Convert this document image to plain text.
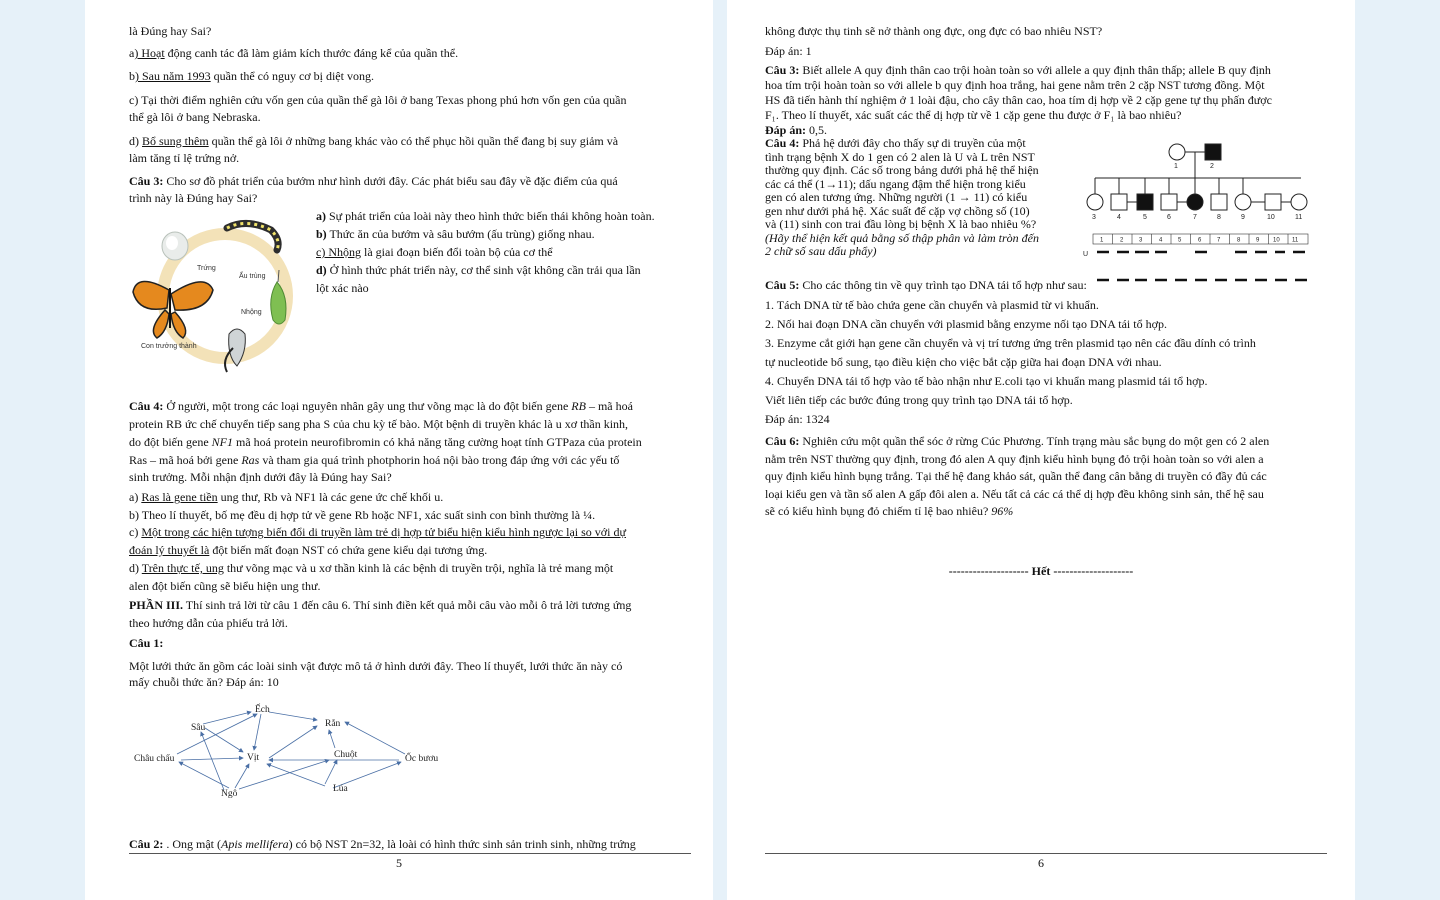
là Đúng hay Sai?

a) Hoạt động canh tác đã làm giảm kích thước đáng kể của quần thể.

b) Sau năm 1993 quần thể có nguy cơ bị diệt vong.

c) Tại thời điểm nghiên cứu vốn gen của quần thể gà lôi ở bang Texas phong phú hơn vốn gen của quần

thể gà lôi ở bang Nebraska.

d) Bổ sung thêm quần thể gà lôi ở những bang khác vào có thể phục hồi quần thể đang bị suy giảm và

làm tăng tỉ lệ trứng nở.

Câu 3: Cho sơ đồ phát triển của bướm như hình dưới đây. Các phát biểu sau đây về đặc điểm của quá

trình này là Đúng hay Sai?

Trứng
Ấu trùng
Nhộng
Con trưởng thành

a) Sự phát triển của loài này theo hình thức biến thái không hoàn toàn.

b) Thức ăn của bướm và sâu bướm (ấu trùng) giống nhau.

c) Nhộng là giai đoạn biến đổi toàn bộ của cơ thể

d) Ở hình thức phát triển này, cơ thể sinh vật không cần trải qua lần

lột xác nào

Câu 4: Ở người, một trong các loại nguyên nhân gây ung thư võng mạc là do đột biến gene RB – mã hoá

protein RB ức chế chuyển tiếp sang pha S của chu kỳ tế bào. Một bệnh di truyền khác là u xơ thần kinh,

do đột biến gene NF1 mã hoá protein neurofibromin có khả năng tăng cường hoạt tính GTPaza của protein

Ras – mã hoá bởi gene Ras và tham gia quá trình photphorin hoá nội bào trong đáp ứng với các yếu tố

sinh trưởng. Mỗi nhận định dưới đây là Đúng hay Sai?

a) Ras là gene tiền ung thư, Rb và NF1 là các gene ức chế khối u.

b) Theo lí thuyết, bố mẹ đều dị hợp tử về gene Rb hoặc NF1, xác suất sinh con bình thường là ¼.

c) Một trong các hiện tượng biến đổi di truyền làm trẻ dị hợp tử biểu hiện kiểu hình ngược lại so với dự

đoán lý thuyết là đột biến mất đoạn NST có chứa gene kiểu dại tương ứng.

d) Trên thực tế, ung thư võng mạc và u xơ thần kinh là các bệnh di truyền trội, nghĩa là trẻ mang một

alen đột biến cũng sẽ biểu hiện ung thư.

PHẦN III. Thí sinh trả lời từ câu 1 đến câu 6. Thí sinh điền kết quả mỗi câu vào mỗi ô trả lời tương ứng

theo hướng dẫn của phiếu trả lời.

Câu 1:

Một lưới thức ăn gồm các loài sinh vật được mô tả ở hình dưới đây. Theo lí thuyết, lưới thức ăn này có

mấy chuỗi thức ăn? Đáp án: 10

Ếch
Sâu	Rắn
Châu chấu	Vịt	Chuột	Ốc bươu
Ngô	Lúa

Câu 2: . Ong mật (Apis mellifera) có bộ NST 2n=32, là loài có hình thức sinh sản trinh sinh, những trứng

5

không được thụ tinh sẽ nở thành ong đực, ong đực có bao nhiêu NST?

Đáp án: 1

Câu 3: Biết allele A quy định thân cao trội hoàn toàn so với allele a quy định thân thấp; allele B quy định

hoa tím trội hoàn toàn so với allele b quy định hoa trắng, hai gene nằm trên 2 cặp NST tương đồng. Một

HS đã tiến hành thí nghiệm ở 1 loài đậu, cho cây thân cao, hoa tím dị hợp về 2 cặp gene tự thụ phấn được

F₁. Theo lí thuyết, xác suất các thể dị hợp từ về 1 cặp gene thu được ở F₁ là bao nhiêu?

Đáp án: 0,5.

Câu 4: Phả hệ dưới đây cho thấy sự di truyền của một

tình trạng bệnh X do 1 gen có 2 alen là U và L trên NST

thường quy định. Các số trong bảng dưới phả hệ thể hiện

các cá thể (1→11); dấu ngang đậm thể hiện trong kiểu

gen có alen tương ứng. Những người (1 → 11) có kiểu

gen như dưới phả hệ. Xác suất để cặp vợ chồng số (10)

và (11) sinh con trai đầu lòng bị bệnh X là bao nhiêu %?

(Hãy thể hiện kết quả bằng số thập phân và làm tròn đến

2 chữ số sau dấu phẩy)

1	2
3	4	5	6	7	8	9	10	11
1	2	3	4	5	6	7	8	9 10 11
U

Câu 5: Cho các thông tin về quy trình tạo DNA tái tổ hợp như sau:

1. Tách DNA từ tế bào chứa gene cần chuyển và plasmid từ vi khuẩn.

2. Nối hai đoạn DNA cần chuyển với plasmid bằng enzyme nối tạo DNA tái tổ hợp.

3. Enzyme cắt giới hạn gene cần chuyển và vị trí tương ứng trên plasmid tạo nên các đầu dính có trình

tự nucleotide bổ sung, tạo điều kiện cho việc bắt cặp giữa hai đoạn DNA với nhau.

4. Chuyển DNA tái tổ hợp vào tế bào nhận như E.coli tạo vi khuẩn mang plasmid tái tổ hợp.

Viết liên tiếp các bước đúng trong quy trình tạo DNA tái tổ hợp.

Đáp án: 1324

Câu 6: Nghiên cứu một quần thể sóc ở rừng Cúc Phương. Tính trạng màu sắc bụng do một gen có 2 alen

nằm trên NST thường quy định, trong đó alen A quy định kiểu hình bụng đỏ trội hoàn toàn so với alen a

quy định kiểu hình bụng trắng. Tại thế hệ đang khảo sát, quần thể đang cân bằng di truyền có đầy đủ các

loại kiểu gen và tần số alen A gấp đôi alen a. Nếu tất cả các cá thể dị hợp đều không sinh sản, thế hệ sau

sẽ có kiểu hình bụng đỏ chiếm tỉ lệ bao nhiêu? 96%

-------------------- Hết --------------------

6
